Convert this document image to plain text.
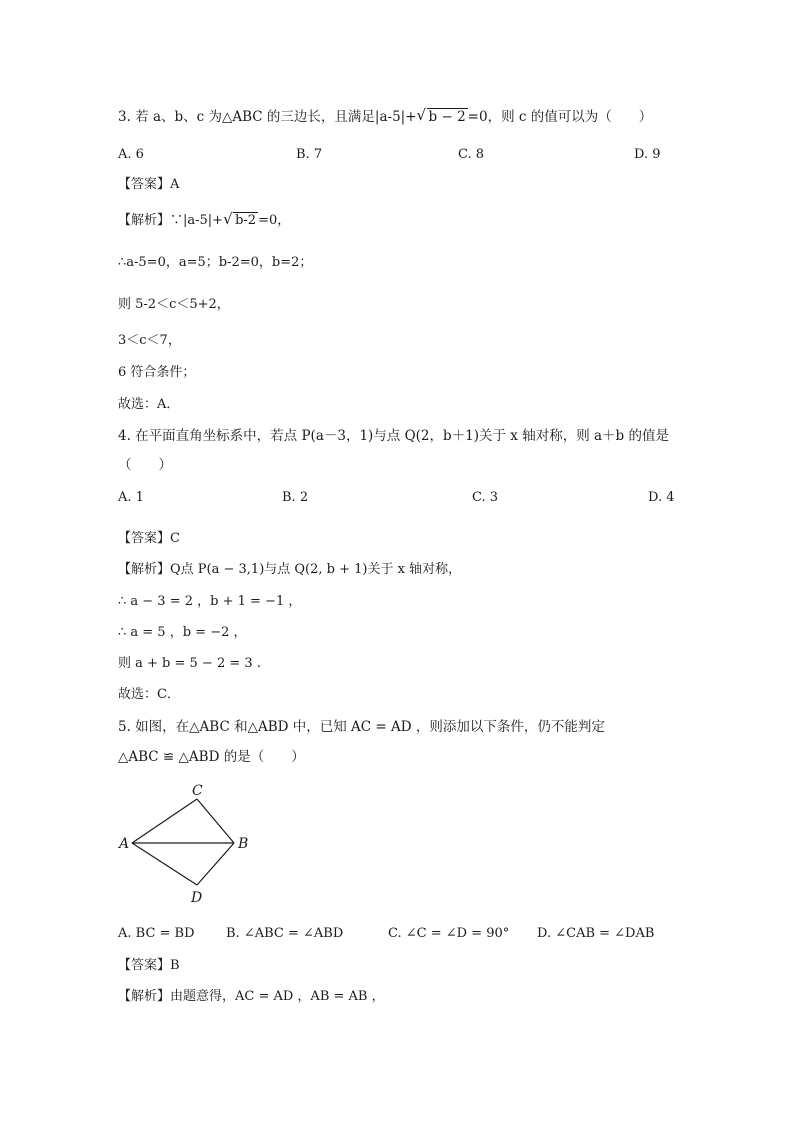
3. 若 a、b、c 为△ABC 的三边长，且满足|a-5|+ √ b − 2 =0，则 c 的值可以为（　　）
A. 6	B. 7	C. 8	D. 9
【答案】A
【解析】∵|a-5|+ √ b-2 =0，
∴a-5=0，a=5；b-2=0，b=2；
则 5-2＜c＜5+2，
3＜c＜7，
6 符合条件；
故选：A．
4. 在平面直角坐标系中，若点 P(a－3，1)与点 Q(2，b＋1)关于 x 轴对称，则 a＋b 的值是
（　　）
A. 1	B. 2	C. 3	D. 4
【答案】C
【解析】Q点 P(a − 3,1)与点 Q(2, b + 1)关于 x 轴对称，
∴ a − 3 = 2 ，b + 1 = −1 ，
∴ a = 5 ，b = −2 ，
则 a + b = 5 − 2 = 3 .
故选：C．
5. 如图，在△ABC 和△ABD 中，已知 AC = AD ，则添加以下条件，仍不能判定
△ABC ≌ △ABD 的是（　　）
A	B
C
D
A. BC = BD B. ∠ABC = ∠ABD	C. ∠C = ∠D = 90° D. ∠CAB = ∠DAB
【答案】B
【解析】由题意得，AC = AD ，AB = AB ，
